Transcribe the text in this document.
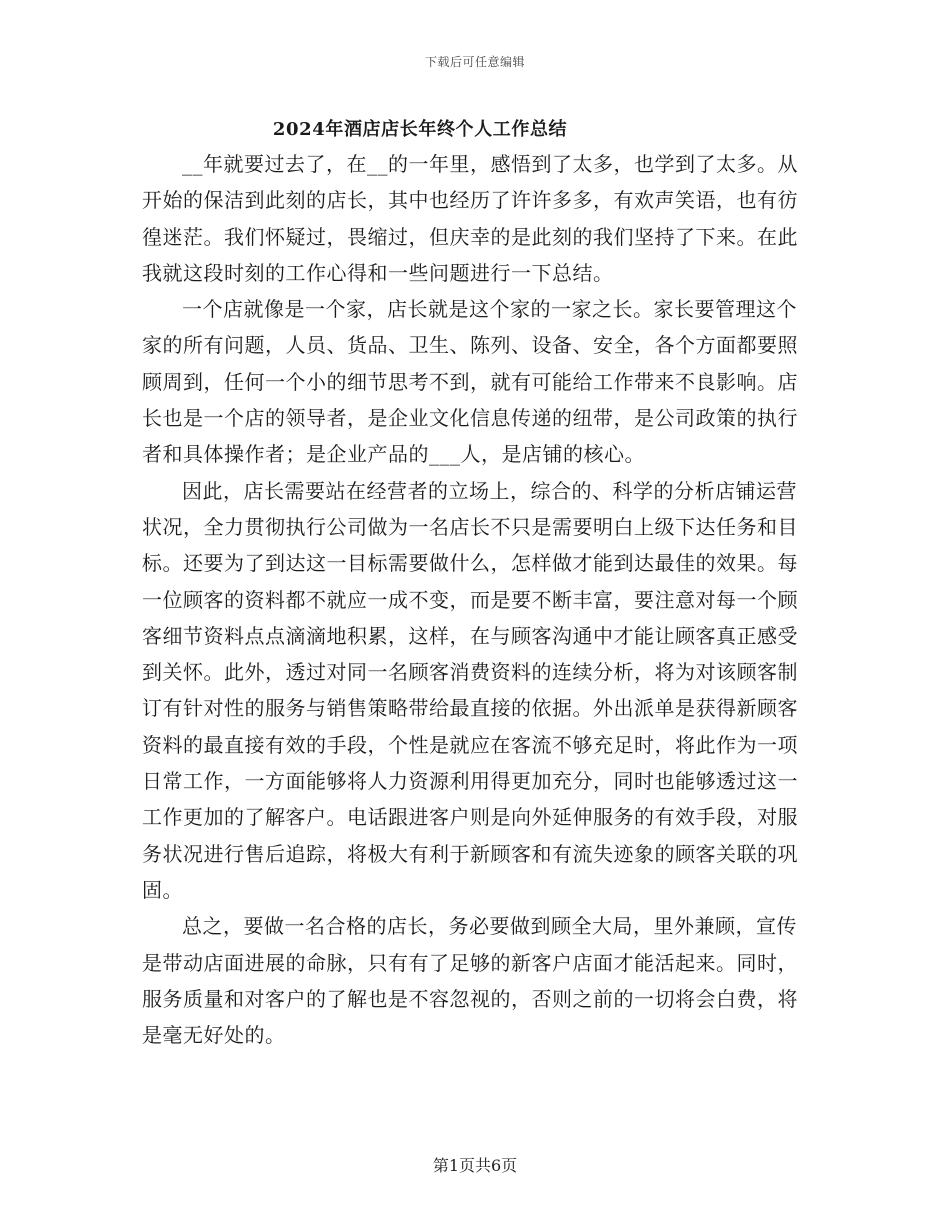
下载后可任意编辑
2024年酒店店长年终个人工作总结

__年就要过去了，在__的一年里，感悟到了太多，也学到了太多。从开始的保洁到此刻的店长，其中也经历了许许多多，有欢声笑语，也有彷徨迷茫。我们怀疑过，畏缩过，但庆幸的是此刻的我们坚持了下来。在此我就这段时刻的工作心得和一些问题进行一下总结。

一个店就像是一个家，店长就是这个家的一家之长。家长要管理这个家的所有问题，人员、货品、卫生、陈列、设备、安全，各个方面都要照顾周到，任何一个小的细节思考不到，就有可能给工作带来不良影响。店长也是一个店的领导者，是企业文化信息传递的纽带，是公司政策的执行者和具体操作者；是企业产品的___人，是店铺的核心。

因此，店长需要站在经营者的立场上，综合的、科学的分析店铺运营状况，全力贯彻执行公司做为一名店长不只是需要明白上级下达任务和目标。还要为了到达这一目标需要做什么，怎样做才能到达最佳的效果。每一位顾客的资料都不就应一成不变，而是要不断丰富，要注意对每一个顾客细节资料点点滴滴地积累，这样，在与顾客沟通中才能让顾客真正感受到关怀。此外，透过对同一名顾客消费资料的连续分析，将为对该顾客制订有针对性的服务与销售策略带给最直接的依据。外出派单是获得新顾客资料的最直接有效的手段，个性是就应在客流不够充足时，将此作为一项日常工作，一方面能够将人力资源利用得更加充分，同时也能够透过这一工作更加的了解客户。电话跟进客户则是向外延伸服务的有效手段，对服务状况进行售后追踪，将极大有利于新顾客和有流失迹象的顾客关联的巩固。

总之，要做一名合格的店长，务必要做到顾全大局，里外兼顾，宣传是带动店面进展的命脉，只有有了足够的新客户店面才能活起来。同时，服务质量和对客户的了解也是不容忽视的，否则之前的一切将会白费，将是毫无好处的。

第1页共6页
